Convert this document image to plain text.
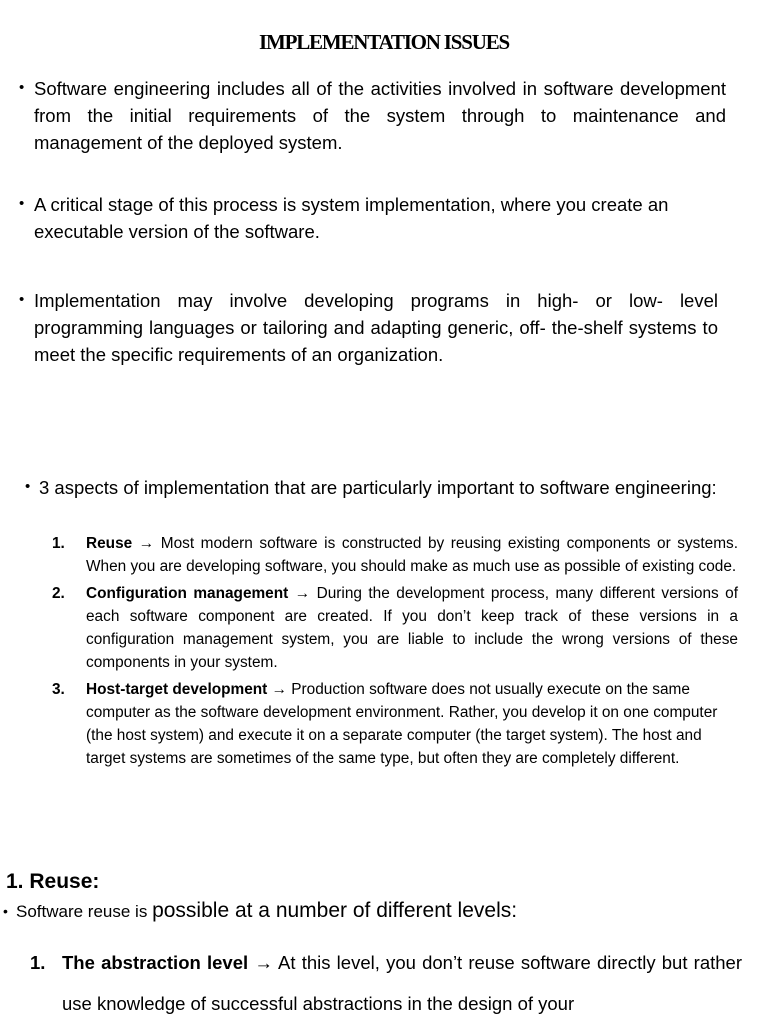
IMPLEMENTATION ISSUES
• Software engineering includes all of the activities involved in software development from the initial requirements of the system through to maintenance and management of the deployed system.
• A critical stage of this process is system implementation, where you create an executable version of the software.
• Implementation may involve developing programs in high- or low- level programming languages or tailoring and adapting generic, off- the-shelf systems to meet the specific requirements of an organization.
• 3 aspects of implementation that are particularly important to software engineering:
1. Reuse → Most modern software is constructed by reusing existing components or systems. When you are developing software, you should make as much use as possible of existing code.
2. Configuration management → During the development process, many different versions of each software component are created. If you don’t keep track of these versions in a configuration management system, you are liable to include the wrong versions of these components in your system.
3. Host-target development → Production software does not usually execute on the same computer as the software development environment. Rather, you develop it on one computer (the host system) and execute it on a separate computer (the target system). The host and target systems are sometimes of the same type, but often they are completely different.
1. Reuse:
• Software reuse is possible at a number of different levels:
1. The abstraction level → At this level, you don’t reuse software directly but rather use knowledge of successful abstractions in the design of your
